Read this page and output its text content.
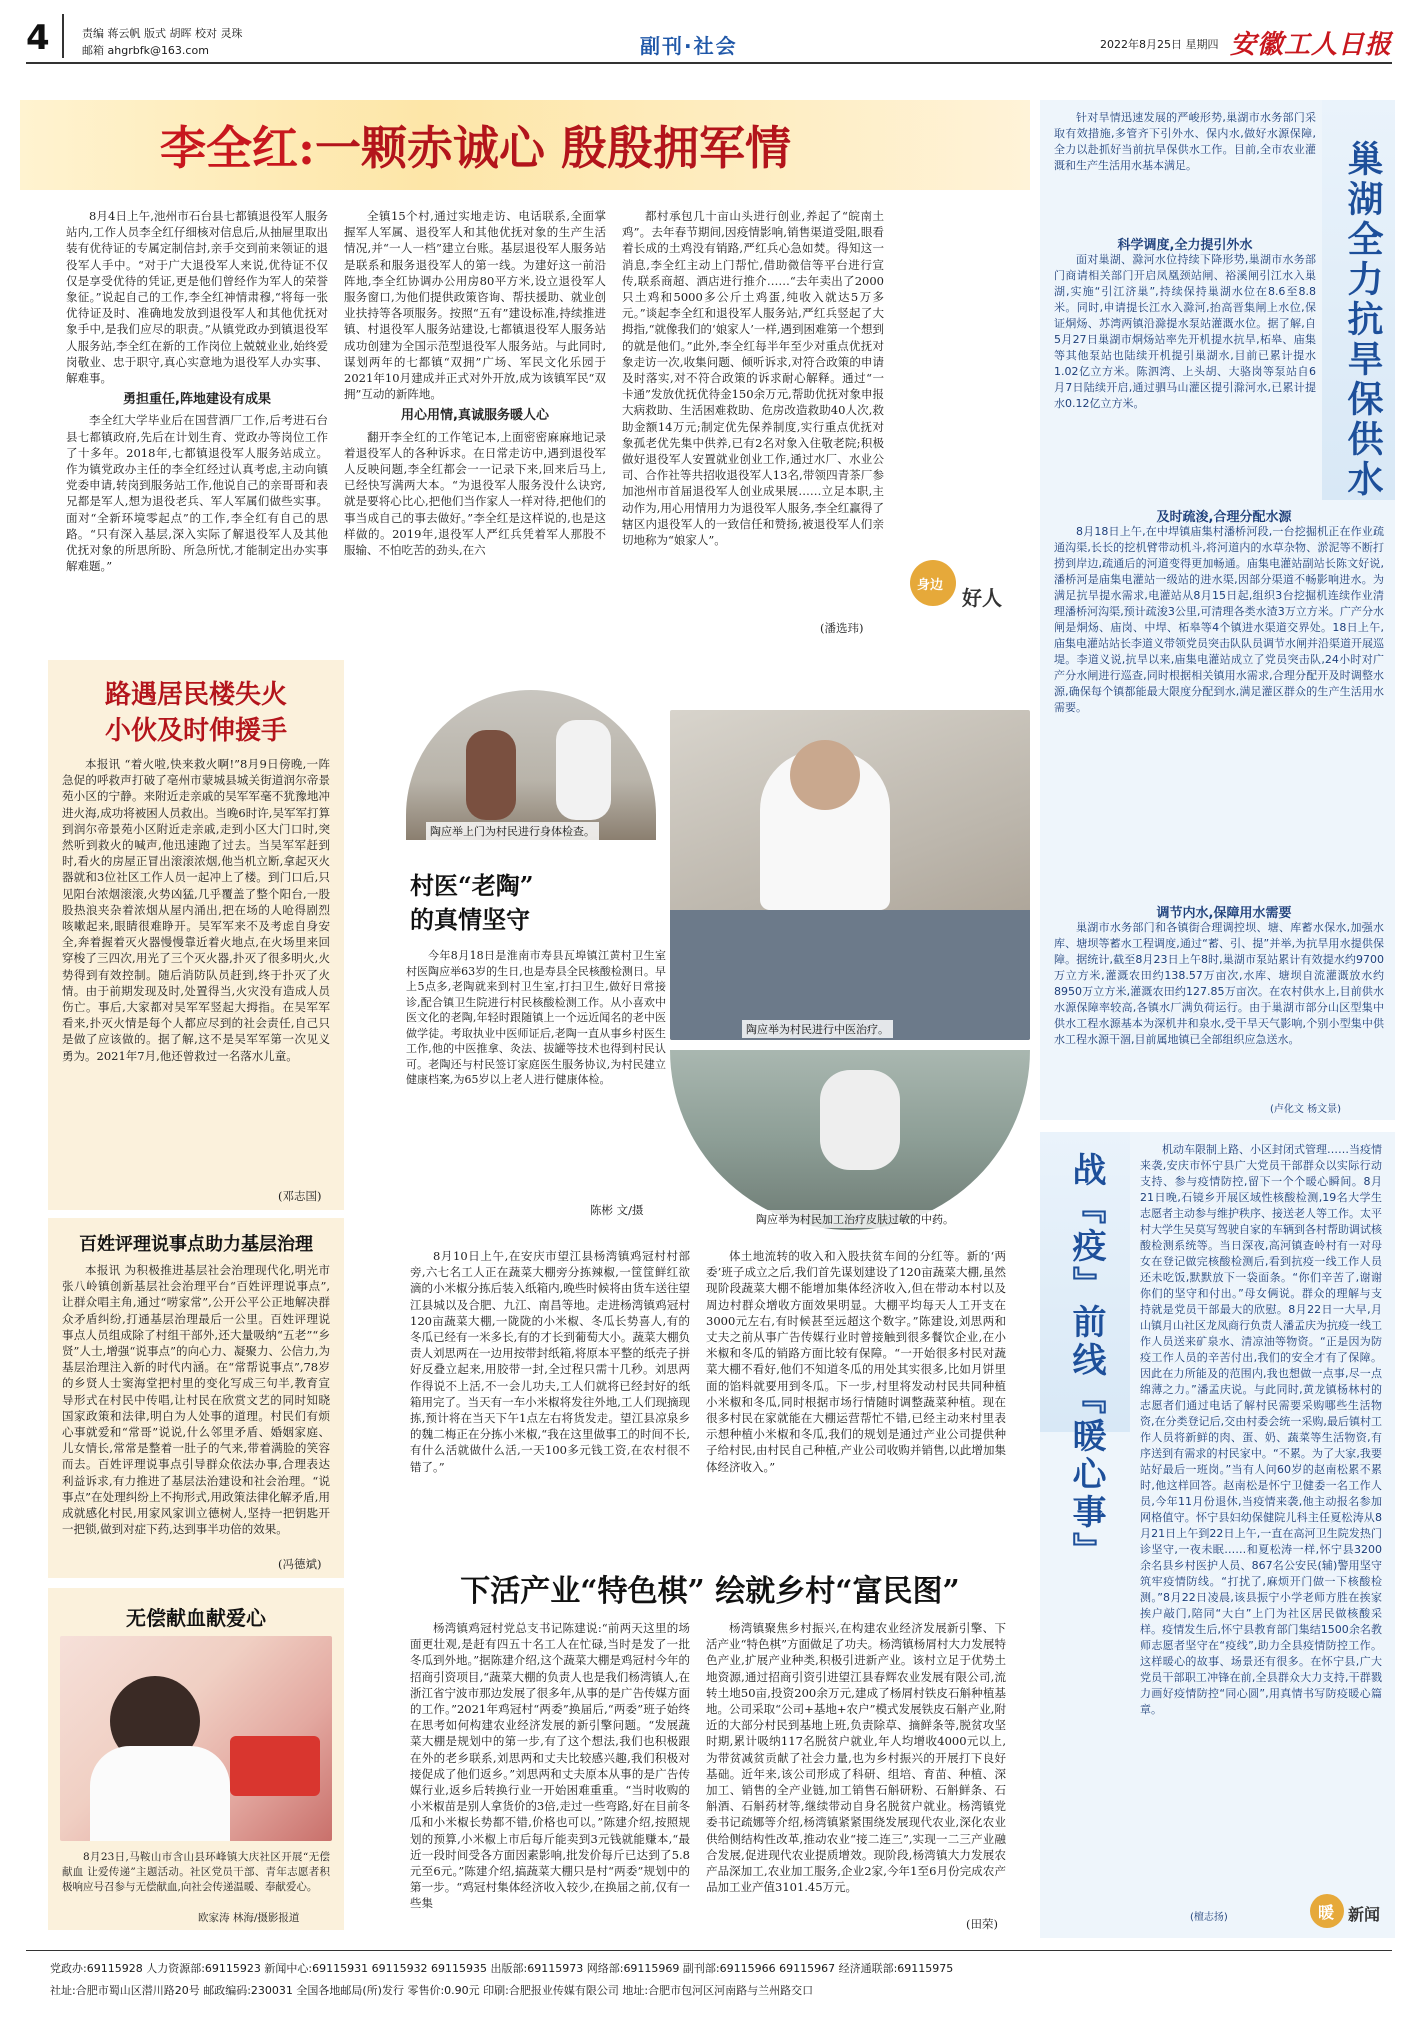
4	责编 蒋云帆 版式 胡晖 校对 灵珠
邮箱 ahgrbfk@163.com	副刊·社会	2022年8月25日 星期四 安徽工人日报
李全红:一颗赤诚心 殷殷拥军情

8月4日上午,池州市石台县七都镇退役军人服务站内,工作人员李全红仔细核对信息后,从抽屉里取出装有优待证的专属定制信封,亲手交到前来领证的退役军人手中。“对于广大退役军人来说,优待证不仅仅是享受优待的凭证,更是他们曾经作为军人的荣誉象征。”说起自己的工作,李全红神情肃穆,“将每一张优待证及时、准确地发放到退役军人和其他优抚对象手中,是我们应尽的职责。”从镇党政办到镇退役军人服务站,李全红在新的工作岗位上兢兢业业,始终爱岗敬业、忠于职守,真心实意地为退役军人办实事、解难事。

勇担重任,阵地建设有成果

李全红大学毕业后在国营酒厂工作,后考进石台县七都镇政府,先后在计划生育、党政办等岗位工作了十多年。2018年,七都镇退役军人服务站成立。作为镇党政办主任的李全红经过认真考虑,主动向镇党委申请,转岗到服务站工作,他说自己的亲哥哥和表兄都是军人,想为退役老兵、军人军属们做些实事。面对“全新环境零起点”的工作,李全红有自己的思路。“只有深入基层,深入实际了解退役军人及其他优抚对象的所思所盼、所急所忧,才能制定出办实事解难题。”

全镇15个村,通过实地走访、电话联系,全面掌握军人军属、退役军人和其他优抚对象的生产生活情况,并“一人一档”建立台账。基层退役军人服务站是联系和服务退役军人的第一线。为建好这一前沿阵地,李全红协调办公用房80平方米,设立退役军人服务窗口,为他们提供政策咨询、帮扶援助、就业创业扶持等各项服务。按照“五有”建设标准,持续推进镇、村退役军人服务站建设,七都镇退役军人服务站成功创建为全国示范型退役军人服务站。与此同时,谋划两年的七都镇“双拥”广场、军民文化乐园于2021年10月建成并正式对外开放,成为该镇军民“双拥”互动的新阵地。

用心用情,真诚服务暖人心

翻开李全红的工作笔记本,上面密密麻麻地记录着退役军人的各种诉求。在日常走访中,遇到退役军人反映问题,李全红都会一一记录下来,回来后马上,已经快写满两大本。“为退役军人服务没什么诀窍,就是要将心比心,把他们当作家人一样对待,把他们的事当成自己的事去做好。”李全红是这样说的,也是这样做的。2019年,退役军人严红兵凭着军人那股不服输、不怕吃苦的劲头,在六

都村承包几十亩山头进行创业,养起了“皖南土鸡”。去年春节期间,因疫情影响,销售渠道受阻,眼看着长成的土鸡没有销路,严红兵心急如焚。得知这一消息,李全红主动上门帮忙,借助微信等平台进行宣传,联系商超、酒店进行推介……“去年卖出了2000只土鸡和5000多公斤土鸡蛋,纯收入就达5万多元。”谈起李全红和退役军人服务站,严红兵竖起了大拇指,“就像我们的‘娘家人’一样,遇到困难第一个想到的就是他们。”此外,李全红每半年至少对重点优抚对象走访一次,收集问题、倾听诉求,对符合政策的申请及时落实,对不符合政策的诉求耐心解释。通过“一卡通”发放优抚优待金150余万元,帮助优抚对象申报大病救助、生活困难救助、危房改造救助40人次,救助金额14万元;制定优先保养制度,实行重点优抚对象孤老优先集中供养,已有2名对象入住敬老院;积极做好退役军人安置就业创业工作,通过水厂、水业公司、合作社等共招收退役军人13名,带领四青茶厂参加池州市首届退役军人创业成果展……立足本职,主动作为,用心用情用力为退役军人服务,李全红赢得了辖区内退役军人的一致信任和赞扬,被退役军人们亲切地称为“娘家人”。

(潘选玮)
身边
好人
路遇居民楼失火
小伙及时伸援手
本报讯 “着火啦,快来救火啊!”8月9日傍晚,一阵急促的呼救声打破了亳州市蒙城县城关街道润尔帝景苑小区的宁静。来附近走亲戚的吴军军毫不犹豫地冲进火海,成功将被困人员救出。当晚6时许,吴军军打算到润尔帝景苑小区附近走亲戚,走到小区大门口时,突然听到救火的喊声,他迅速跑了过去。当吴军军赶到时,看火的房屋正冒出滚滚浓烟,他当机立断,拿起灭火器就和3位社区工作人员一起冲上了楼。到门口后,只见阳台浓烟滚滚,火势凶猛,几乎覆盖了整个阳台,一股股热浪夹杂着浓烟从屋内涌出,把在场的人呛得剧烈咳嗽起来,眼睛很难睁开。吴军军来不及考虑自身安全,奔着握着灭火器慢慢靠近着火地点,在火场里来回穿梭了三四次,用光了三个灭火器,扑灭了很多明火,火势得到有效控制。随后消防队员赶到,终于扑灭了火情。由于前期发现及时,处置得当,火灾没有造成人员伤亡。事后,大家都对吴军军竖起大拇指。在吴军军看来,扑灭火情是每个人都应尽到的社会责任,自己只是做了应该做的。据了解,这不是吴军军第一次见义勇为。2021年7月,他还曾救过一名落水儿童。
(邓志国)
百姓评理说事点助力基层治理
本报讯 为积极推进基层社会治理现代化,明光市张八岭镇创新基层社会治理平台“百姓评理说事点”,让群众唱主角,通过“唠家常”,公开公平公正地解决群众矛盾纠纷,打通基层治理最后一公里。百姓评理说事点人员组成除了村组干部外,还大量吸纳“五老”“乡贤”人士,增强“说事点”的向心力、凝聚力、公信力,为基层治理注入新的时代内涵。在“常帮说事点”,78岁的乡贤人士窦海堂把村里的变化写成三句半,教育宣导形式在村民中传唱,让村民在欣赏文艺的同时知晓国家政策和法律,明白为人处事的道理。村民们有烦心事就爱和“常哥”说说,什么邻里矛盾、婚姻家庭、儿女情长,常常是整着一肚子的气来,带着满脸的笑容而去。百姓评理说事点引导群众依法办事,合理表达利益诉求,有力推进了基层法治建设和社会治理。“说事点”在处理纠纷上不拘形式,用政策法律化解矛盾,用成就感化村民,用家风家训立德树人,坚持一把钥匙开一把锁,做到对症下药,达到事半功倍的效果。
(冯德斌)
无偿献血献爱心
8月23日,马鞍山市含山县环峰镇大庆社区开展“无偿献血 让爱传递”主题活动。社区党员干部、青年志愿者积极响应号召参与无偿献血,向社会传递温暖、奉献爱心。
欧家涛 林海/摄影报道
陶应举上门为村民进行身体检查。
陶应举为村民进行中医治疗。
村医“老陶”
的真情坚守
今年8月18日是淮南市寿县瓦埠镇江黄村卫生室村医陶应举63岁的生日,也是寿县全民核酸检测日。早上5点多,老陶就来到村卫生室,打扫卫生,做好日常接诊,配合镇卫生院进行村民核酸检测工作。从小喜欢中医文化的老陶,年轻时跟随镇上一个远近闻名的老中医做学徒。考取执业中医师证后,老陶一直从事乡村医生工作,他的中医推拿、灸法、拔罐等技术也得到村民认可。老陶还与村民签订家庭医生服务协议,为村民建立健康档案,为65岁以上老人进行健康体检。
陈彬 文/摄
陶应举为村民加工治疗皮肤过敏的中药。
8月10日上午,在安庆市望江县杨湾镇鸡冠村村部旁,六七名工人正在蔬菜大棚旁分拣辣椒,一筐筐鲜红欲滴的小米椒分拣后装入纸箱内,晚些时候将由货车送往望江县城以及合肥、九江、南昌等地。走进杨湾镇鸡冠村120亩蔬菜大棚,一陇陇的小米椒、冬瓜长势喜人,有的冬瓜已经有一米多长,有的才长到葡萄大小。蔬菜大棚负责人刘思两在一边用按带封纸箱,将原本平整的纸壳子拼好反叠立起来,用胶带一封,全过程只需十几秒。刘思两作得说不上活,不一会儿功夫,工人们就将已经封好的纸箱用完了。当天有一车小米椒将发往外地,工人们现摘现拣,预计将在当天下午1点左右将货发走。望江县凉泉乡的魏二梅正在分拣小米椒,“我在这里做事工的时间不长,有什么活就做什么活,一天100多元钱工资,在农村很不错了。”
体土地流转的收入和入股扶贫车间的分红等。新的‘两委’班子成立之后,我们首先谋划建设了120亩蔬菜大棚,虽然现阶段蔬菜大棚不能增加集体经济收入,但在带动本村以及周边村群众增收方面效果明显。大棚平均每天人工开支在3000元左右,有时候甚至远超这个数字。”陈建设,刘思两和丈夫之前从事广告传媒行业时曾接触到很多餐饮企业,在小米椒和冬瓜的销路方面比较有保障。“一开始很多村民对蔬菜大棚不看好,他们不知道冬瓜的用处其实很多,比如月饼里面的馅料就要用到冬瓜。下一步,村里将发动村民共同种植小米椒和冬瓜,同时根据市场行情随时调整蔬菜种植。现在很多村民在家就能在大棚运营帮忙不错,已经主动来村里表示想种植小米椒和冬瓜,我们的规划是通过产业公司提供种子给村民,由村民自己种植,产业公司收购并销售,以此增加集体经济收入。”
下活产业“特色棋” 绘就乡村“富民图”
杨湾镇鸡冠村党总支书记陈建说:“前两天这里的场面更壮观,是赶有四五十名工人在忙碌,当时是发了一批冬瓜到外地。”据陈建介绍,这个蔬菜大棚是鸡冠村今年的招商引资项目,“蔬菜大棚的负责人也是我们杨湾镇人,在浙江省宁波市那边发展了很多年,从事的是广告传媒方面的工作。”2021年鸡冠村“两委”换届后,“两委”班子始终在思考如何构建农业经济发展的新引擎问题。“发展蔬菜大棚是规划中的第一步,有了这个想法,我们也积极跟在外的老乡联系,刘思两和丈夫比较感兴趣,我们积极对接促成了他们返乡。”刘思两和丈夫原本从事的是广告传媒行业,返乡后转换行业一开始困难重重。“当时收购的小米椒苗是别人拿货价的3倍,走过一些弯路,好在目前冬瓜和小米椒长势都不错,价格也可以。”陈建介绍,按照规划的预算,小米椒上市后每斤能卖到3元钱就能赚本,“最近一段时间受各方面因素影响,批发价每斤已达到了5.8元至6元。”陈建介绍,搞蔬菜大棚只是村“两委”规划中的第一步。“鸡冠村集体经济收入较少,在换届之前,仅有一些集
杨湾镇聚焦乡村振兴,在构建农业经济发展新引擎、下活产业“特色棋”方面做足了功夫。杨湾镇杨屑村大力发展特色产业,扩展产业种类,积极引进新产业。该村立足于优势土地资源,通过招商引资引进望江县春辉农业发展有限公司,流转土地50亩,投资200余万元,建成了杨屑村铁皮石斛种植基地。公司采取“公司+基地+农户”模式发展铁皮石斛产业,附近的大部分村民到基地上班,负责除草、摘鲜条等,脱贫攻坚时期,累计吸纳117名脱贫户就业,年人均增收4000元以上,为带贫减贫贡献了社会力量,也为乡村振兴的开展打下良好基础。近年来,该公司形成了科研、组培、育苗、种植、深加工、销售的全产业链,加工销售石斛研粉、石斛鲜条、石斛酒、石斛药材等,继续带动自身名脱贫户就业。杨湾镇党委书记疏娜等介绍,杨湾镇紧紧围绕发展现代农业,深化农业供给侧结构性改革,推动农业“接二连三”,实现一二三产业融合发展,促进现代农业提质增效。现阶段,杨湾镇大力发展农产品深加工,农业加工服务,企业2家,今年1至6月份完成农产品加工业产值3101.45万元。
(田荣)
巢湖全力抗旱保供水
针对旱情迅速发展的严峻形势,巢湖市水务部门采取有效措施,多管齐下引外水、保内水,做好水源保障,全力以赴抓好当前抗旱保供水工作。目前,全市农业灌溉和生产生活用水基本满足。
科学调度,全力提引外水
面对巢湖、滁河水位持续下降形势,巢湖市水务部门商请相关部门开启凤凰颈站闸、裕溪闸引江水入巢湖,实施“引江济巢”,持续保持巢湖水位在8.6至8.8米。同时,申请提长江水入滁河,抬高晋集闸上水位,保证烔炀、苏湾两镇沿滁提水泵站灌溉水位。据了解,自5月27日巢湖市烔炀站率先开机提水抗旱,柘皋、庙集等其他泵站也陆续开机提引巢湖水,目前已累计提水1.02亿立方米。陈泗湾、上头胡、大骆岗等泵站自6月7日陆续开启,通过驷马山灌区提引滁河水,已累计提水0.12亿立方米。
及时疏浚,合理分配水源
8月18日上午,在中垾镇庙集村潘桥河段,一台挖掘机正在作业疏通沟渠,长长的挖机臂带动机斗,将河道内的水草杂物、淤泥等不断打捞到岸边,疏通后的河道变得更加畅通。庙集电灌站副站长陈文好说,潘桥河是庙集电灌站一级站的进水渠,因部分渠道不畅影响进水。为满足抗旱提水需求,电灌站从8月15日起,组织3台挖掘机连续作业清理潘桥河沟渠,预计疏浚3公里,可清理各类水渣3万立方米。广产分水闸是烔炀、庙岗、中垾、柘皋等4个镇进水渠道交界处。18日上午,庙集电灌站站长李道义带领党员突击队队员调节水闸并沿渠道开展巡堤。李道义说,抗旱以来,庙集电灌站成立了党员突击队,24小时对广产分水闸进行巡查,同时根据相关镇用水需求,合理分配开及时调整水源,确保每个镇都能最大限度分配到水,满足灌区群众的生产生活用水需要。
调节内水,保障用水需要
巢湖市水务部门和各镇街合理调控坝、塘、库蓄水保水,加强水库、塘坝等蓄水工程调度,通过“蓄、引、提”并举,为抗旱用水提供保障。据统计,截至8月23日上午8时,巢湖市泵站累计有效提水约9700万立方米,灌溉农田约138.57万亩次,水库、塘坝自流灌溉放水约8950万立方米,灌溉农田约127.85万亩次。在农村供水上,目前供水水源保障率较高,各镇水厂满负荷运行。由于巢湖市部分山区型集中供水工程水源基本为深机井和泉水,受干旱天气影响,个别小型集中供水工程水源干涸,目前属地镇已全部组织应急送水。
(卢化文 杨文景)
战『疫』前线『暖心事』
机动车限制上路、小区封闭式管理……当疫情来袭,安庆市怀宁县广大党员干部群众以实际行动支持、参与疫情防控,留下一个个暖心瞬间。8月21日晚,石镜乡开展区域性核酸检测,19名大学生志愿者主动参与维护秩序、接送老人等工作。太平村大学生吴莫写驾驶自家的车辆到各村帮助调试核酸检测系统等。当日深夜,高河镇查岭村有一对母女在登记做完核酸检测后,看到抗疫一线工作人员还未吃饭,默默放下一袋面条。“你们辛苦了,谢谢你们的坚守和付出。”母女俩说。群众的理解与支持就是党员干部最大的欣慰。8月22日一大早,月山镇月山社区龙凤商行负责人潘孟庆为抗疫一线工作人员送来矿泉水、清凉油等物资。“正是因为防疫工作人员的辛苦付出,我们的安全才有了保障。因此在力所能及的范围内,我也想做一点事,尽一点绵薄之力。”潘孟庆说。与此同时,黄龙镇杨林村的志愿者们通过电话了解村民需要采购哪些生活物资,在分类登记后,交由村委会统一采购,最后镇村工作人员将新鲜的肉、蛋、奶、蔬菜等生活物资,有序送到有需求的村民家中。“不累。为了大家,我要站好最后一班岗。”当有人问60岁的赵南松累不累时,他这样回答。赵南松是怀宁卫健委一名工作人员,今年11月份退休,当疫情来袭,他主动报名参加网格值守。怀宁县妇幼保健院儿科主任夏松涛从8月21日上午到22日上午,一直在高河卫生院发热门诊坚守,一夜未眠……和夏松涛一样,怀宁县3200余名县乡村医护人员、867名公安民(辅)警用坚守筑牢疫情防线。“打扰了,麻烦开门做一下核酸检测。”8月22日凌晨,该县振宁小学老师方胜在挨家挨户敲门,陪同“大白”上门为社区居民做核酸采样。疫情发生后,怀宁县教育部门集结1500余名教师志愿者坚守在“疫线”,助力全县疫情防控工作。这样暖心的故事、场景还有很多。在怀宁县,广大党员干部职工冲锋在前,全县群众大力支持,干群戮力画好疫情防控“同心圆”,用真情书写防疫暖心篇章。
(檀志扬)	暖 新闻
党政办:69115928 人力资源部:69115923 新闻中心:69115931 69115932 69115935 出版部:69115973 网络部:69115969 副刊部:69115966 69115967 经济通联部:69115975
社址:合肥市蜀山区潜川路20号 邮政编码:230031 全国各地邮局(所)发行 零售价:0.90元 印刷:合肥报业传媒有限公司 地址:合肥市包河区河南路与兰州路交口
